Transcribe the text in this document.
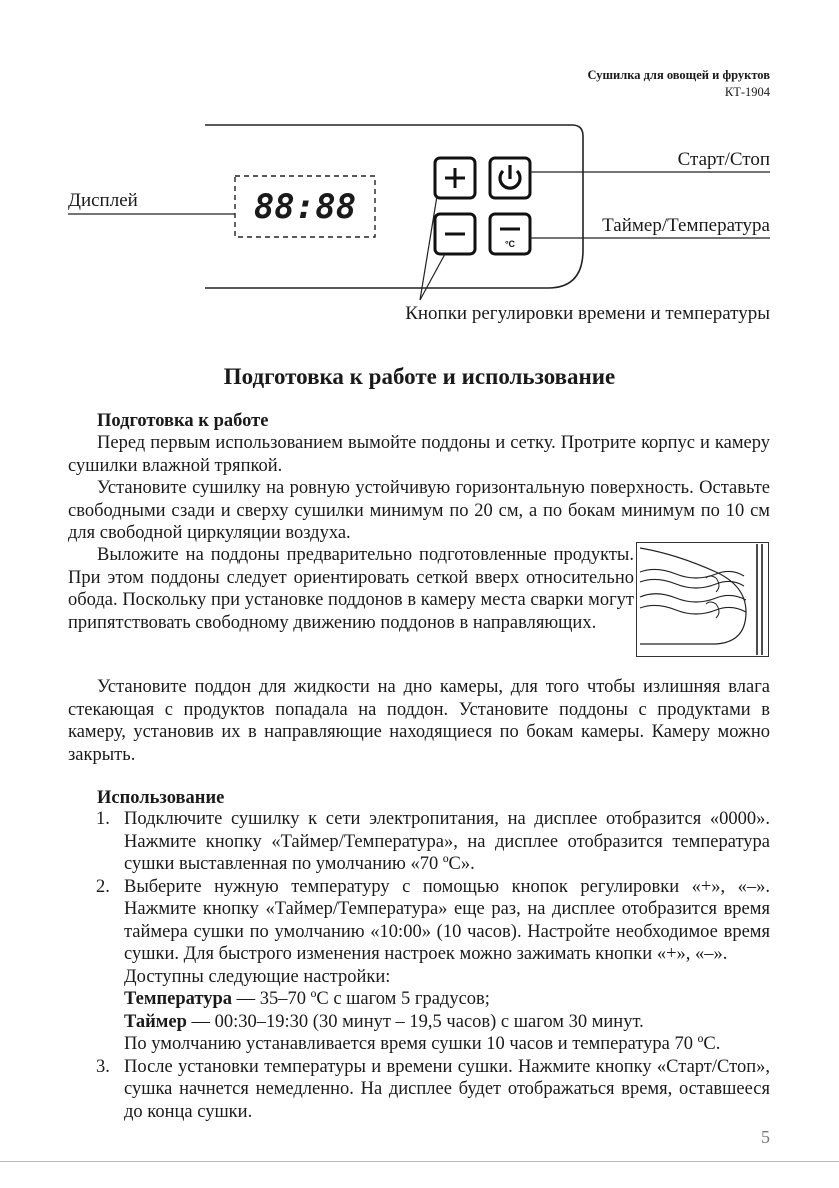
Сушилка для овощей и фруктов
КТ-1904
88:88
°C
Дисплей
Старт/Стоп
Таймер/Температура
Кнопки регулировки времени и температуры
Подготовка к работе и использование
Подготовка к работе

Перед первым использованием вымойте поддоны и сетку. Протрите корпус и камеру сушилки влажной тряпкой.

Установите сушилку на ровную устойчивую горизонтальную поверхность. Оставьте свободными сзади и сверху сушилки минимум по 20 см, а по бокам минимум по 10 см для свободной циркуляции воздуха.

Выложите на поддоны предварительно подготовленные продукты. При этом поддоны следует ориентировать сеткой вверх относительно обода. Поскольку при установке поддонов в камеру места сварки могут припятствовать свободному движению поддонов в направляющих.

Установите поддон для жидкости на дно камеры, для того чтобы излишняя влага стекающая с продуктов попадала на поддон. Установите поддоны с продуктами в камеру, установив их в направляющие находящиеся по бокам камеры. Камеру можно закрыть.

Использование
1. Подключите сушилку к сети электропитания, на дисплее отобразится «0000». Нажмите кнопку «Таймер/Температура», на дисплее отобразится температура сушки выставленная по умолчанию «70 ºС».
2. Выберите нужную температуру с помощью кнопок регулировки «+», «–». Нажмите кнопку «Таймер/Температура» еще раз, на дисплее отобразится время таймера сушки по умолчанию «10:00» (10 часов). Настройте необходимое время сушки. Для быстрого изменения настроек можно зажимать кнопки «+», «–».
Доступны следующие настройки:
Температура — 35–70 ºС с шагом 5 градусов;
Таймер — 00:30–19:30 (30 минут – 19,5 часов) с шагом 30 минут.
По умолчанию устанавливается время сушки 10 часов и температура 70 ºС.
3. После установки температуры и времени сушки. Нажмите кнопку «Старт/Стоп», сушка начнется немедленно. На дисплее будет отображаться время, оставшееся до конца сушки.
5
